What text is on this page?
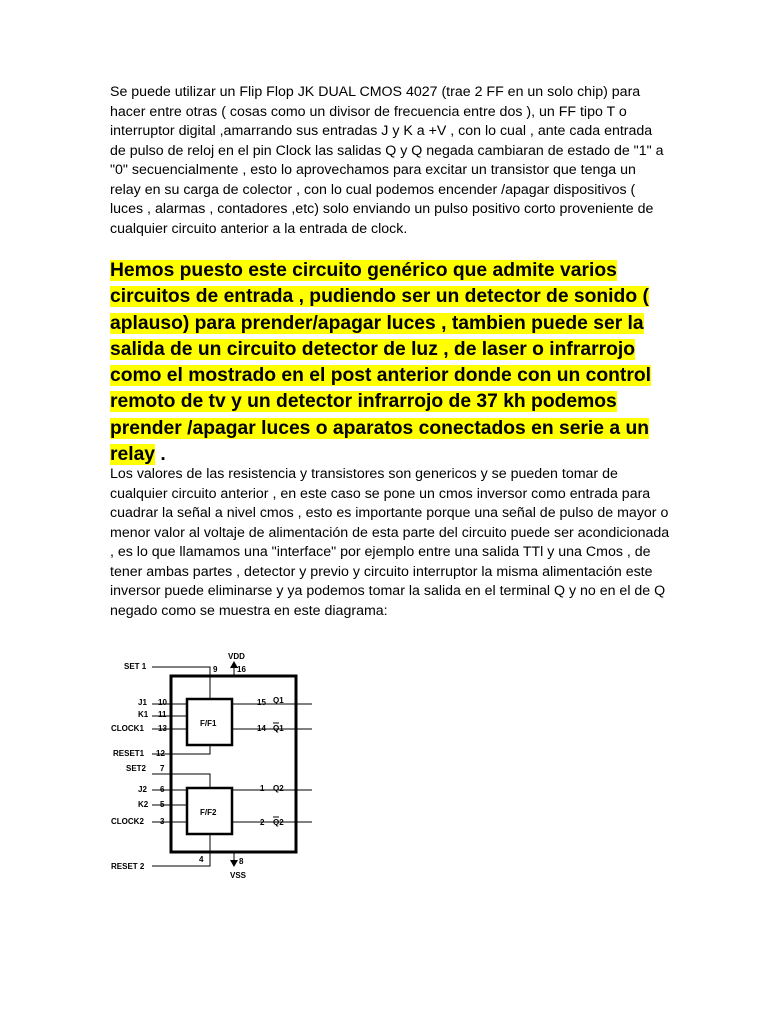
Se puede utilizar un Flip Flop JK DUAL CMOS 4027 (trae 2 FF en un solo chip) para hacer entre otras ( cosas como un divisor de frecuencia entre dos ), un FF tipo T o interruptor digital ,amarrando sus entradas J y K a +V , con lo cual , ante cada entrada de pulso de reloj en el pin Clock las salidas Q y Q negada cambiaran de estado de "1" a "0" secuencialmente , esto lo aprovechamos para excitar un transistor que tenga un relay en su carga de colector , con lo cual podemos encender /apagar dispositivos ( luces , alarmas , contadores ,etc) solo enviando un pulso positivo corto proveniente de cualquier circuito anterior a la entrada de clock.

Hemos puesto este circuito genérico que admite varios circuitos de entrada , pudiendo ser un detector de sonido ( aplauso) para prender/apagar luces , tambien puede ser la salida de un circuito detector de luz , de laser o infrarrojo como el mostrado en el post anterior donde con un control remoto de tv y un detector infrarrojo de 37 kh podemos prender /apagar luces o aparatos conectados en serie a un relay .

Los valores de las resistencia y transistores son genericos y se pueden tomar de cualquier circuito anterior , en este caso se pone un cmos inversor como entrada para cuadrar la señal a nivel cmos , esto es importante porque una señal de pulso de mayor o menor valor al voltaje de alimentación de esta parte del circuito puede ser acondicionada , es lo que llamamos una "interface" por ejemplo entre una salida TTl y una Cmos , de tener ambas partes , detector y previo y circuito interruptor la misma alimentación este inversor puede eliminarse y ya podemos tomar la salida en el terminal Q y no en el de Q negado como se muestra en este diagrama:

F/F1
F/F2
VDD
16
8
VSS
SET 1	9
J1 10
K1 11
CLOCK1 13
RESET1 12
SET2 7
J2 6
K2 5
CLOCK2 3
RESET 2
4
15 Q1
14 Q1
1 Q2
2 Q2
